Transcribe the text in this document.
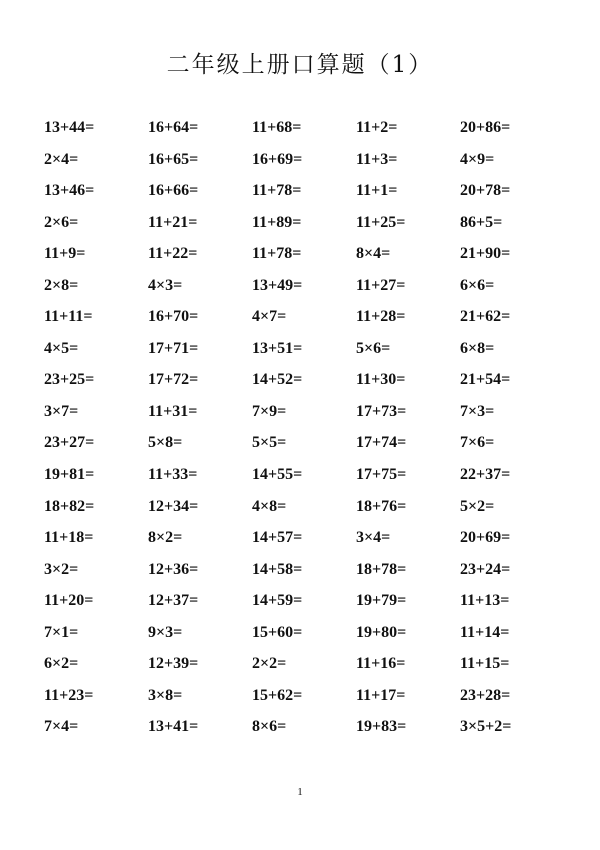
二年级上册口算题（1）
13+44=	16+64=	11+68=	11+2=	20+86=
2×4=	16+65=	16+69=	11+3=	4×9=
13+46=	16+66=	11+78=	11+1=	20+78=
2×6=	11+21=	11+89=	11+25=	86+5=
11+9=	11+22=	11+78=	8×4=	21+90=
2×8=	4×3=	13+49=	11+27=	6×6=
11+11=	16+70=	4×7=	11+28=	21+62=
4×5=	17+71=	13+51=	5×6=	6×8=
23+25=	17+72=	14+52=	11+30=	21+54=
3×7=	11+31=	7×9=	17+73=	7×3=
23+27=	5×8=	5×5=	17+74=	7×6=
19+81=	11+33=	14+55=	17+75=	22+37=
18+82=	12+34=	4×8=	18+76=	5×2=
11+18=	8×2=	14+57=	3×4=	20+69=
3×2=	12+36=	14+58=	18+78=	23+24=
11+20=	12+37=	14+59=	19+79=	11+13=
7×1=	9×3=	15+60=	19+80=	11+14=
6×2=	12+39=	2×2=	11+16=	11+15=
11+23=	3×8=	15+62=	11+17=	23+28=
7×4=	13+41=	8×6=	19+83=	3×5+2=
1
